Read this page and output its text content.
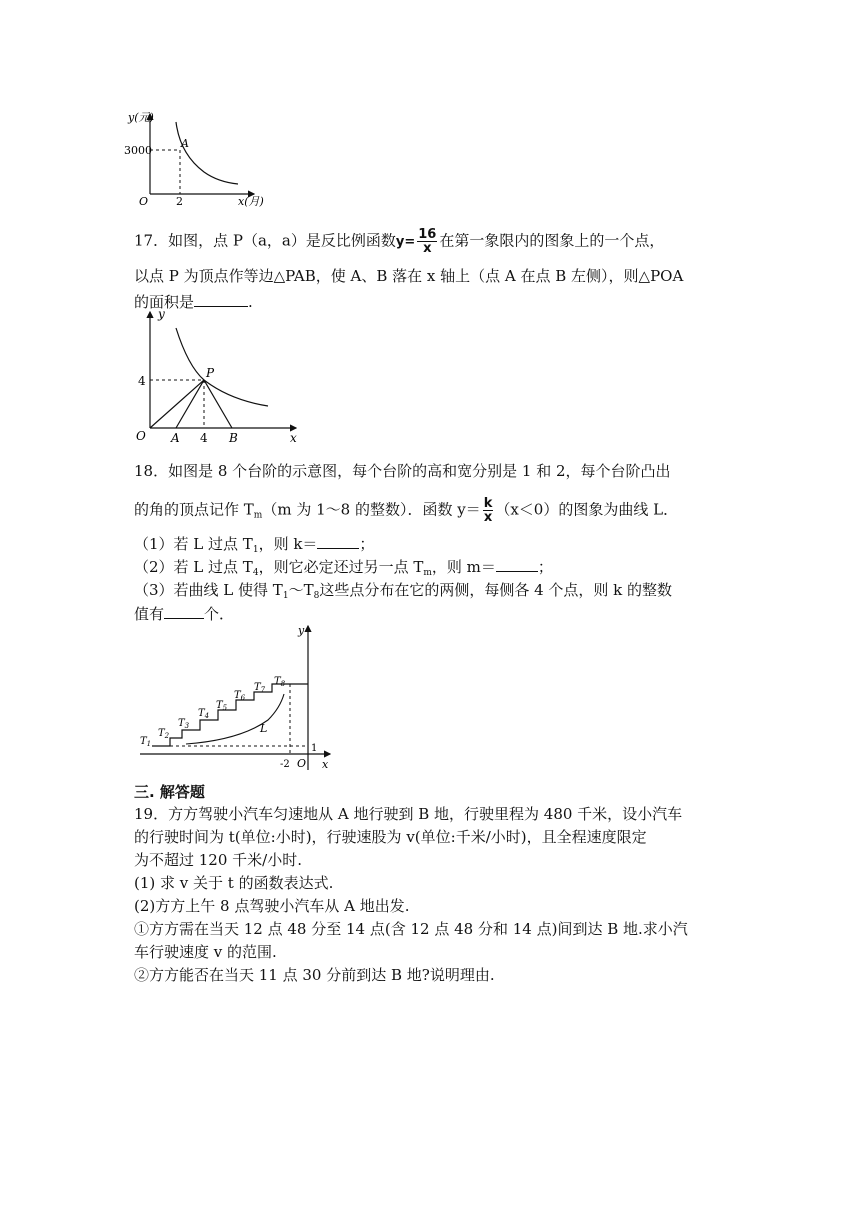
y(元)
x(月)
3000
2
O
A
17．如图，点 P（a，a）是反比例函数$y= \frac{16}{x}$ 在第一象限内的图象上的一个点，
以点 P 为顶点作等边△PAB，使 A、B 落在 x 轴上（点 A 在点 B 左侧），则△POA
的面积是	.
y
x
O
4
4
P
A	B
18．如图是 8 个台阶的示意图，每个台阶的高和宽分别是 1 和 2，每个台阶凸出
的角的顶点记作 $T_m(m$ 为 1～8 的整数）．函数 $y= \frac{k}{x} (x<0)$的图象为曲线 L．
（1）若 L 过点 $T_1$，则 k＝	；
（2）若 L 过点 $T_4$，则它必定还过另一点 $T_m$，则 m＝	；
（3）若曲线 L 使得 $T_1\sim T_8$这些点分布在它的两侧，每侧各 4 个点，则 k 的整数
值有	个．
y
x
O
-2
1
L
$T_1$
$T_2$
$T_3$
$T_4$
$T_5$
$T_6$
$T_7$
$T_8$
三. 解答题
19．方方驾驶小汽车匀速地从 A 地行驶到 B 地，行驶里程为 480 千米，设小汽车
的行驶时间为 t(单位:小时)，行驶速股为 v(单位:千米/小时)，且全程速度限定
为不超过 120 千米/小时.
(1) 求 v 关于 t 的函数表达式.
(2)方方上午 8 点驾驶小汽车从 A 地出发.
①方方需在当天 12 点 48 分至 14 点(含 12 点 48 分和 14 点)间到达 B 地.求小汽
车行驶速度 v 的范围.
②方方能否在当天 11 点 30 分前到达 B 地?说明理由.
